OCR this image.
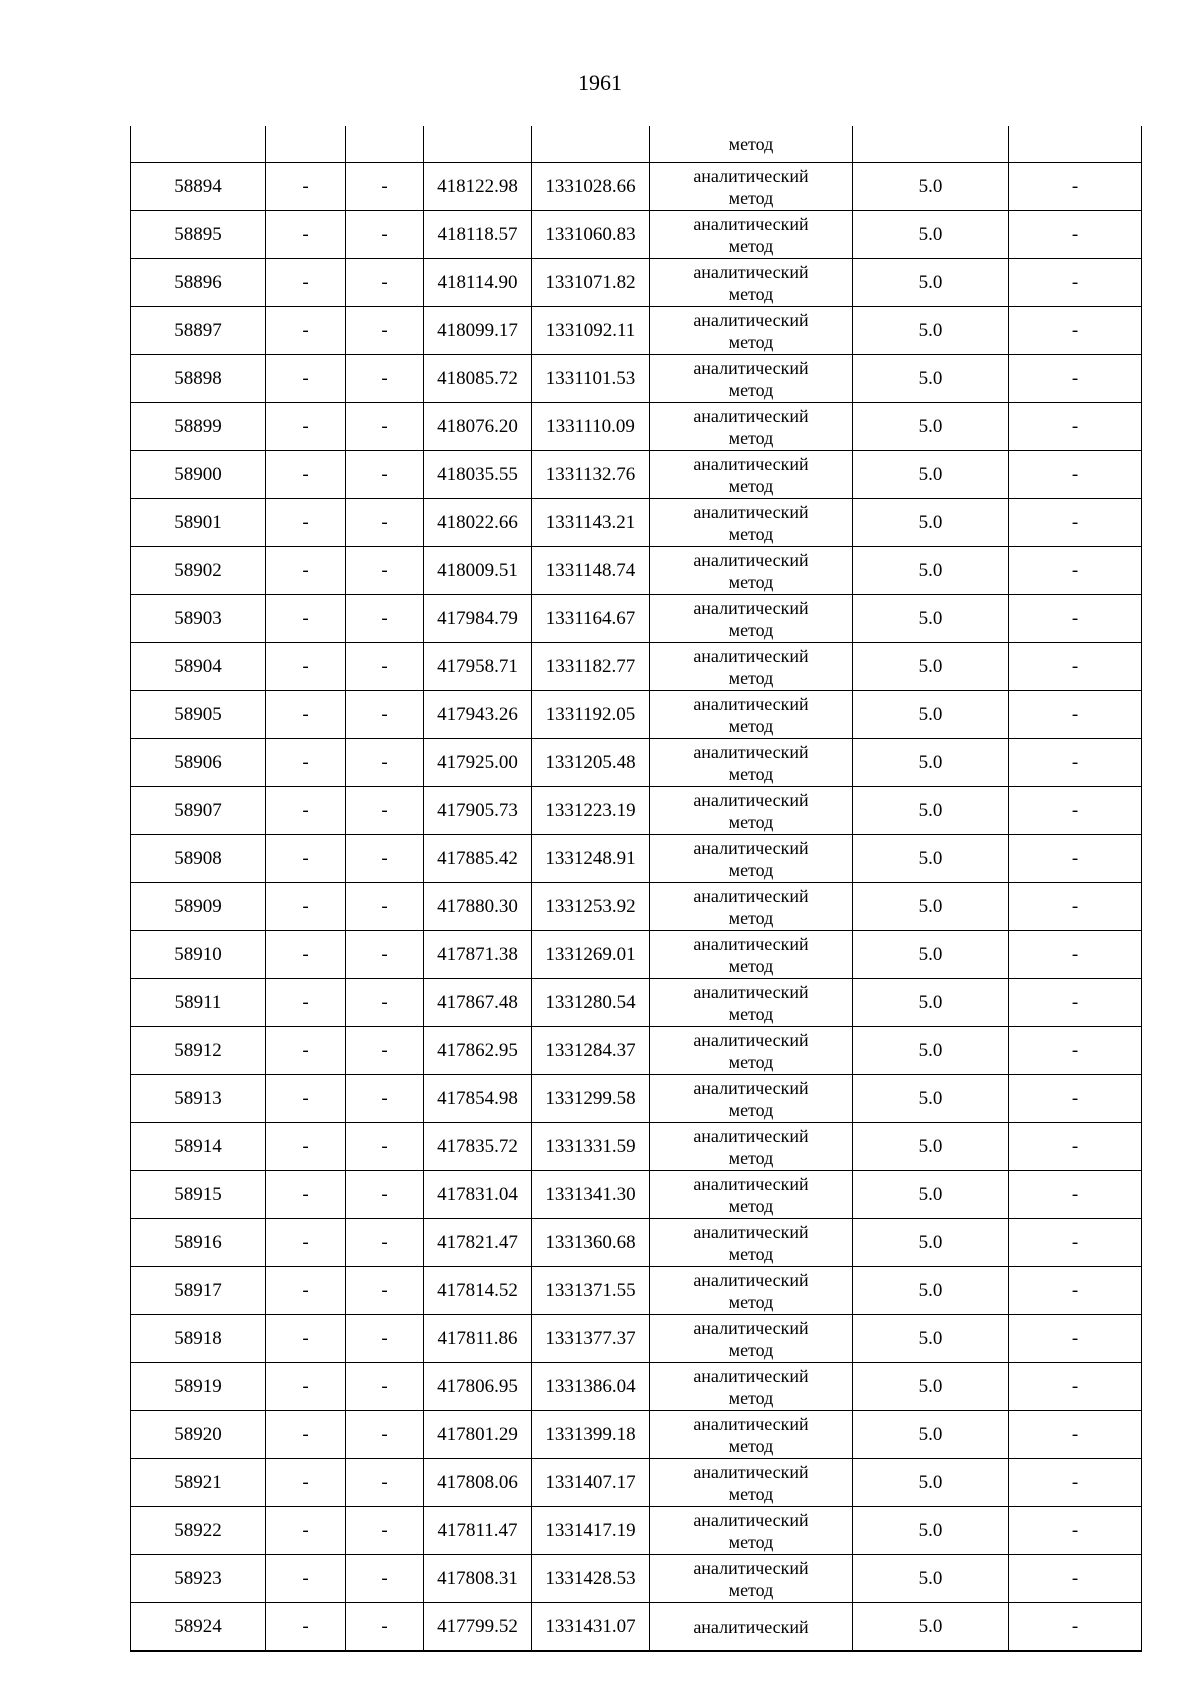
1961
					метод		
58894	-	-	418122.98	1331028.66	аналитический
метод	5.0	-
58895	-	-	418118.57	1331060.83	аналитический
метод	5.0	-
58896	-	-	418114.90	1331071.82	аналитический
метод	5.0	-
58897	-	-	418099.17	1331092.11	аналитический
метод	5.0	-
58898	-	-	418085.72	1331101.53	аналитический
метод	5.0	-
58899	-	-	418076.20	1331110.09	аналитический
метод	5.0	-
58900	-	-	418035.55	1331132.76	аналитический
метод	5.0	-
58901	-	-	418022.66	1331143.21	аналитический
метод	5.0	-
58902	-	-	418009.51	1331148.74	аналитический
метод	5.0	-
58903	-	-	417984.79	1331164.67	аналитический
метод	5.0	-
58904	-	-	417958.71	1331182.77	аналитический
метод	5.0	-
58905	-	-	417943.26	1331192.05	аналитический
метод	5.0	-
58906	-	-	417925.00	1331205.48	аналитический
метод	5.0	-
58907	-	-	417905.73	1331223.19	аналитический
метод	5.0	-
58908	-	-	417885.42	1331248.91	аналитический
метод	5.0	-
58909	-	-	417880.30	1331253.92	аналитический
метод	5.0	-
58910	-	-	417871.38	1331269.01	аналитический
метод	5.0	-
58911	-	-	417867.48	1331280.54	аналитический
метод	5.0	-
58912	-	-	417862.95	1331284.37	аналитический
метод	5.0	-
58913	-	-	417854.98	1331299.58	аналитический
метод	5.0	-
58914	-	-	417835.72	1331331.59	аналитический
метод	5.0	-
58915	-	-	417831.04	1331341.30	аналитический
метод	5.0	-
58916	-	-	417821.47	1331360.68	аналитический
метод	5.0	-
58917	-	-	417814.52	1331371.55	аналитический
метод	5.0	-
58918	-	-	417811.86	1331377.37	аналитический
метод	5.0	-
58919	-	-	417806.95	1331386.04	аналитический
метод	5.0	-
58920	-	-	417801.29	1331399.18	аналитический
метод	5.0	-
58921	-	-	417808.06	1331407.17	аналитический
метод	5.0	-
58922	-	-	417811.47	1331417.19	аналитический
метод	5.0	-
58923	-	-	417808.31	1331428.53	аналитический
метод	5.0	-
58924	-	-	417799.52	1331431.07	аналитический	5.0	-
